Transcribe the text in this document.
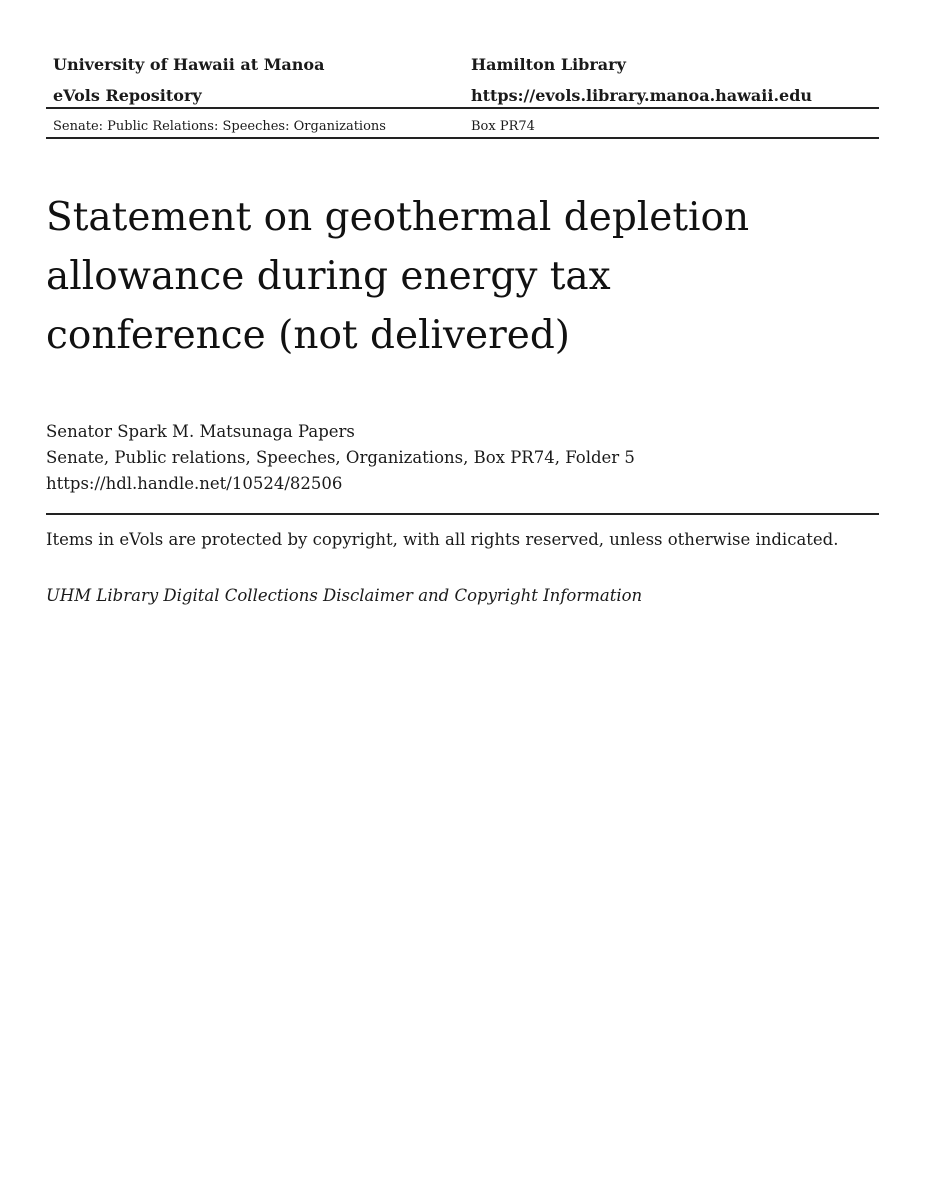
University of Hawaii at Manoa	Hamilton Library
eVols Repository	https://evols.library.manoa.hawaii.edu
Senate: Public Relations: Speeches: Organizations	Box PR74
Statement on geothermal depletion allowance during energy tax conference (not delivered)
Senator Spark M. Matsunaga Papers
Senate, Public relations, Speeches, Organizations, Box PR74, Folder 5
https://hdl.handle.net/10524/82506
Items in eVols are protected by copyright, with all rights reserved, unless otherwise indicated.
UHM Library Digital Collections Disclaimer and Copyright Information
